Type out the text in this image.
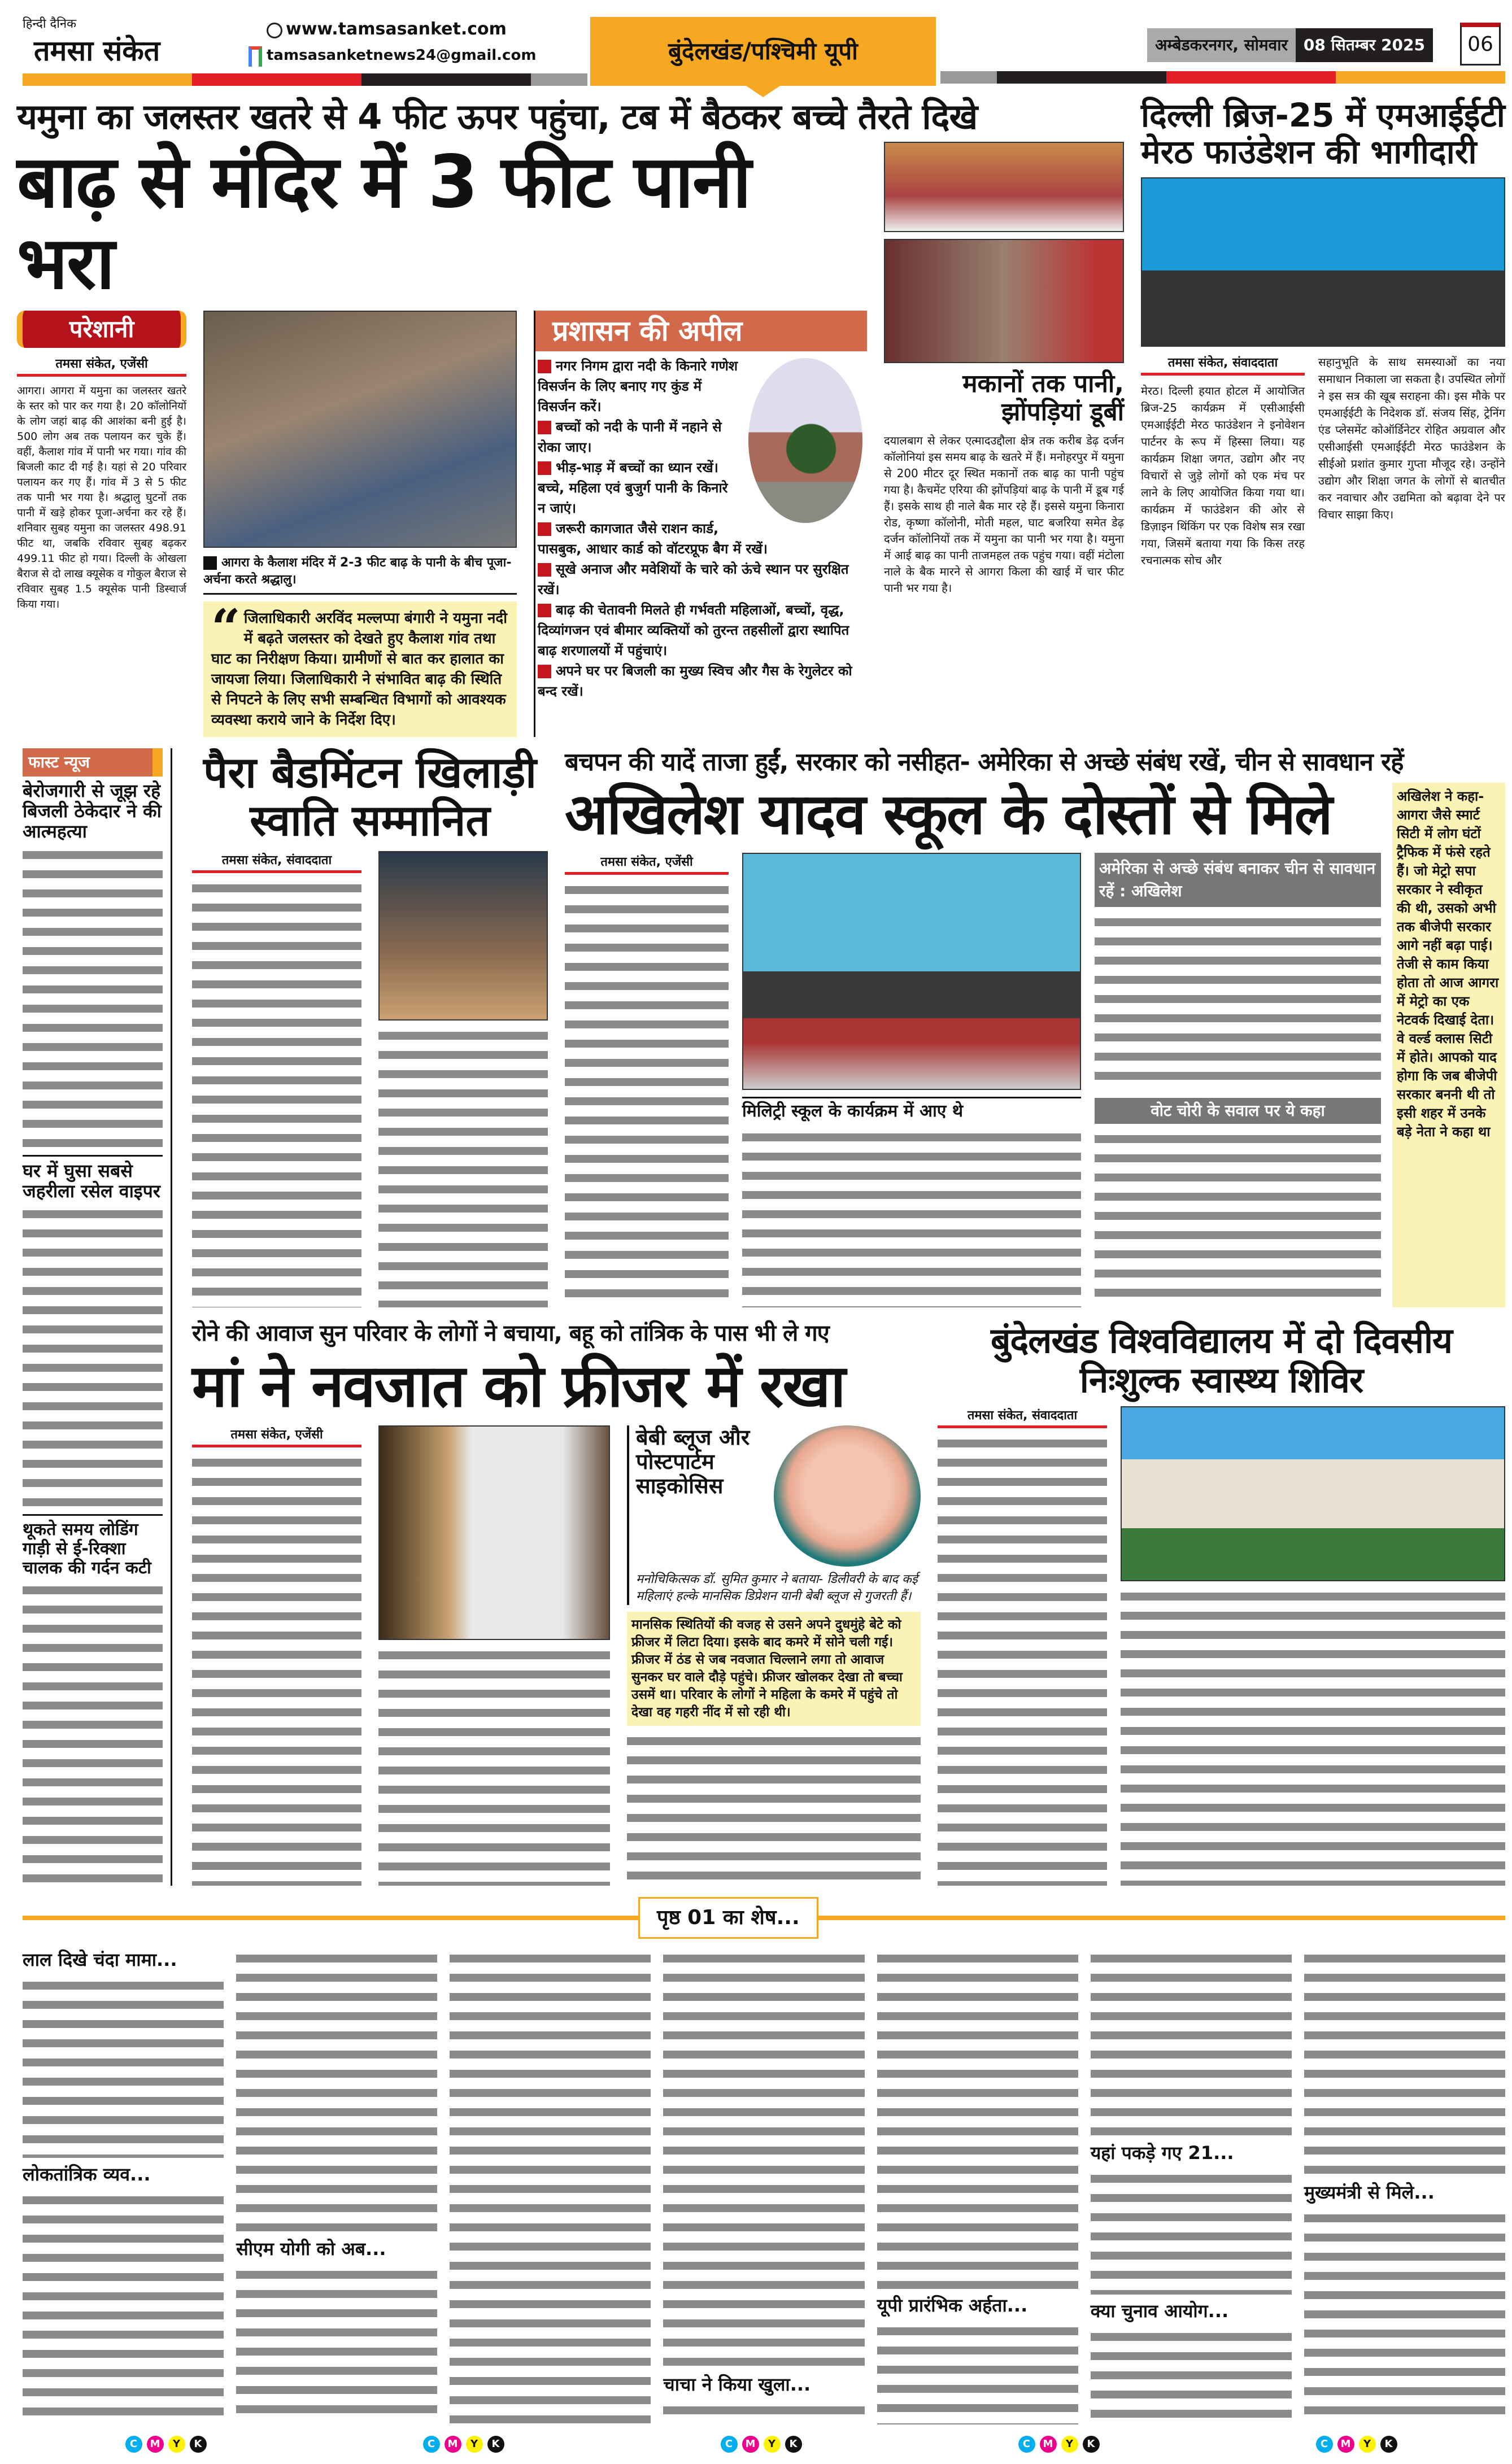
हिन्दी दैनिक
तमसा संकेत
www.tamsasanket.com
tamsasanketnews24@gmail.com	बुंदेलखंड/पश्चिमी यूपी	अम्बेडकरनगर, सोमवार	08 सितम्बर 2025	06
यमुना का जलस्तर खतरे से 4 फीट ऊपर पहुंचा, टब में बैठकर बच्चे तैरते दिखे
बाढ़ से मंदिर में 3 फीट पानी भरा
परेशानी
तमसा संकेत, एजेंसी
आगरा। आगरा में यमुना का जलस्तर खतरे के स्तर को पार कर गया है। 20 कॉलोनियों के लोग जहां बाढ़ की आशंका बनी हुई है। 500 लोग अब तक पलायन कर चुके हैं। वहीं, कैलाश गांव में पानी भर गया। गांव की बिजली काट दी गई है। यहां से 20 परिवार पलायन कर गए हैं। गांव में 3 से 5 फीट तक पानी भर गया है। श्रद्धालु घुटनों तक पानी में खड़े होकर पूजा-अर्चना कर रहे हैं। शनिवार सुबह यमुना का जलस्तर 498.91 फीट था, जबकि रविवार सुबह बढ़कर 499.11 फीट हो गया। दिल्ली के ओखला बैराज से दो लाख क्यूसेक व गोकुल बैराज से रविवार सुबह 1.5 क्यूसेक पानी डिस्चार्ज किया गया।
आगरा के कैलाश मंदिर में 2-3 फीट बाढ़ के पानी के बीच पूजा-अर्चना करते श्रद्धालु।
“ जिलाधिकारी अरविंद मल्लप्पा बंगारी ने यमुना नदी में बढ़ते जलस्तर को देखते हुए कैलाश गांव तथा घाट का निरीक्षण किया। ग्रामीणों से बात कर हालात का जायजा लिया। जिलाधिकारी ने संभावित बाढ़ की स्थिति से निपटने के लिए सभी सम्बन्धित विभागों को आवश्यक व्यवस्था कराये जाने के निर्देश दिए।
प्रशासन की अपील
नगर निगम द्वारा नदी के किनारे गणेश विसर्जन के लिए बनाए गए कुंड में विसर्जन करें।
बच्चों को नदी के पानी में नहाने से रोका जाए।
भीड़-भाड़ में बच्चों का ध्यान रखें। बच्चे, महिला एवं बुजुर्ग पानी के किनारे न जाएं।
जरूरी कागजात जैसे राशन कार्ड, पासबुक, आधार कार्ड को वॉटरप्रूफ बैग में रखें।
सूखे अनाज और मवेशियों के चारे को ऊंचे स्थान पर सुरक्षित रखें।
बाढ़ की चेतावनी मिलते ही गर्भवती महिलाओं, बच्चों, वृद्ध, दिव्यांगजन एवं बीमार व्यक्तियों को तुरन्त तहसीलों द्वारा स्थापित बाढ़ शरणालयों में पहुंचाएं।
अपने घर पर बिजली का मुख्य स्विच और गैस के रेगुलेटर को बन्द रखें।
मकानों तक पानी, झोंपड़ियां डूबीं
दयालबाग से लेकर एत्मादउद्दौला क्षेत्र तक करीब डेढ़ दर्जन कॉलोनियां इस समय बाढ़ के खतरे में हैं। मनोहरपुर में यमुना से 200 मीटर दूर स्थित मकानों तक बाढ़ का पानी पहुंच गया है। कैचमेंट एरिया की झोंपड़ियां बाढ़ के पानी में डूब गई हैं। इसके साथ ही नाले बैक मार रहे हैं। इससे यमुना किनारा रोड, कृष्णा कॉलोनी, मोती महल, घाट बजरिया समेत डेढ़ दर्जन कॉलोनियों तक में यमुना का पानी भर गया है। यमुना में आई बाढ़ का पानी ताजमहल तक पहुंच गया। वहीं मंटोला नाले के बैक मारने से आगरा किला की खाई में चार फीट पानी भर गया है।
दिल्ली ब्रिज-25 में एमआईईटी मेरठ फाउंडेशन की भागीदारी
तमसा संकेत, संवाददाता
मेरठ। दिल्ली हयात होटल में आयोजित ब्रिज-25 कार्यक्रम में एसीआईसी एमआईईटी मेरठ फाउंडेशन ने इनोवेशन पार्टनर के रूप में हिस्सा लिया। यह कार्यक्रम शिक्षा जगत, उद्योग और नए विचारों से जुड़े लोगों को एक मंच पर लाने के लिए आयोजित किया गया था। कार्यक्रम में फाउंडेशन की ओर से डिज़ाइन थिंकिंग पर एक विशेष सत्र रखा गया, जिसमें बताया गया कि किस तरह रचनात्मक सोच और
सहानुभूति के साथ समस्याओं का नया समाधान निकाला जा सकता है। उपस्थित लोगों ने इस सत्र की खूब सराहना की। इस मौके पर एमआईईटी के निदेशक डॉ. संजय सिंह, ट्रेनिंग एंड प्लेसमेंट कोऑर्डिनेटर रोहित अग्रवाल और एसीआईसी एमआईईटी मेरठ फाउंडेशन के सीईओ प्रशांत कुमार गुप्ता मौजूद रहे। उन्होंने उद्योग और शिक्षा जगत के लोगों से बातचीत कर नवाचार और उद्यमिता को बढ़ावा देने पर विचार साझा किए।
फास्ट न्यूज
बेरोजगारी से जूझ रहे बिजली ठेकेदार ने की आत्महत्या
घर में घुसा सबसे जहरीला रसेल वाइपर
थूकते समय लोडिंग गाड़ी से ई-रिक्शा चालक की गर्दन कटी
पैरा बैडमिंटन खिलाड़ी स्वाति सम्मानित
तमसा संकेत, संवाददाता
बचपन की यादें ताजा हुईं, सरकार को नसीहत- अमेरिका से अच्छे संबंध रखें, चीन से सावधान रहें
अखिलेश यादव स्कूल के दोस्तों से मिले
तमसा संकेत, एजेंसी
मिलिट्री स्कूल के कार्यक्रम में आए थे
अमेरिका से अच्छे संबंध बनाकर चीन से सावधान रहें : अखिलेश
वोट चोरी के सवाल पर ये कहा
अखिलेश ने कहा- आगरा जैसे स्मार्ट सिटी में लोग घंटों ट्रैफिक में फंसे रहते हैं। जो मेट्रो सपा सरकार ने स्वीकृत की थी, उसको अभी तक बीजेपी सरकार आगे नहीं बढ़ा पाई। तेजी से काम किया होता तो आज आगरा में मेट्रो का एक नेटवर्क दिखाई देता। वे वर्ल्ड क्लास सिटी में होते। आपको याद होगा कि जब बीजेपी सरकार बननी थी तो इसी शहर में उनके बड़े नेता ने कहा था
रोने की आवाज सुन परिवार के लोगों ने बचाया, बहू को तांत्रिक के पास भी ले गए
मां ने नवजात को फ्रीजर में रखा
तमसा संकेत, एजेंसी	बेबी ब्लूज और पोस्टपार्टम साइकोसिस
मनोचिकित्सक डॉ. सुमित कुमार ने बताया- डिलीवरी के बाद कई महिलाएं हल्के मानसिक डिप्रेशन यानी बेबी ब्लूज से गुजरती हैं।
मानसिक स्थितियों की वजह से उसने अपने दुधमुंहे बेटे को फ्रीजर में लिटा दिया। इसके बाद कमरे में सोने चली गई। फ्रीजर में ठंड से जब नवजात चिल्लाने लगा तो आवाज सुनकर घर वाले दौड़े पहुंचे। फ्रीजर खोलकर देखा तो बच्चा उसमें था। परिवार के लोगों ने महिला के कमरे में पहुंचे तो देखा वह गहरी नींद में सो रही थी।
बुंदेलखंड विश्वविद्यालय में दो दिवसीय निःशुल्क स्वास्थ्य शिविर
तमसा संकेत, संवाददाता
पृष्ठ 01 का शेष...
लाल दिखे चंदा मामा...
लोकतांत्रिक व्यव...
सीएम योगी को अब...
चाचा ने किया खुला...
यूपी प्रारंभिक अर्हता...
यहां पकड़े गए 21...
क्या चुनाव आयोग...
मुख्यमंत्री से मिले...
C M Y K	C M Y K	C M Y K	C M Y K	C M Y K
